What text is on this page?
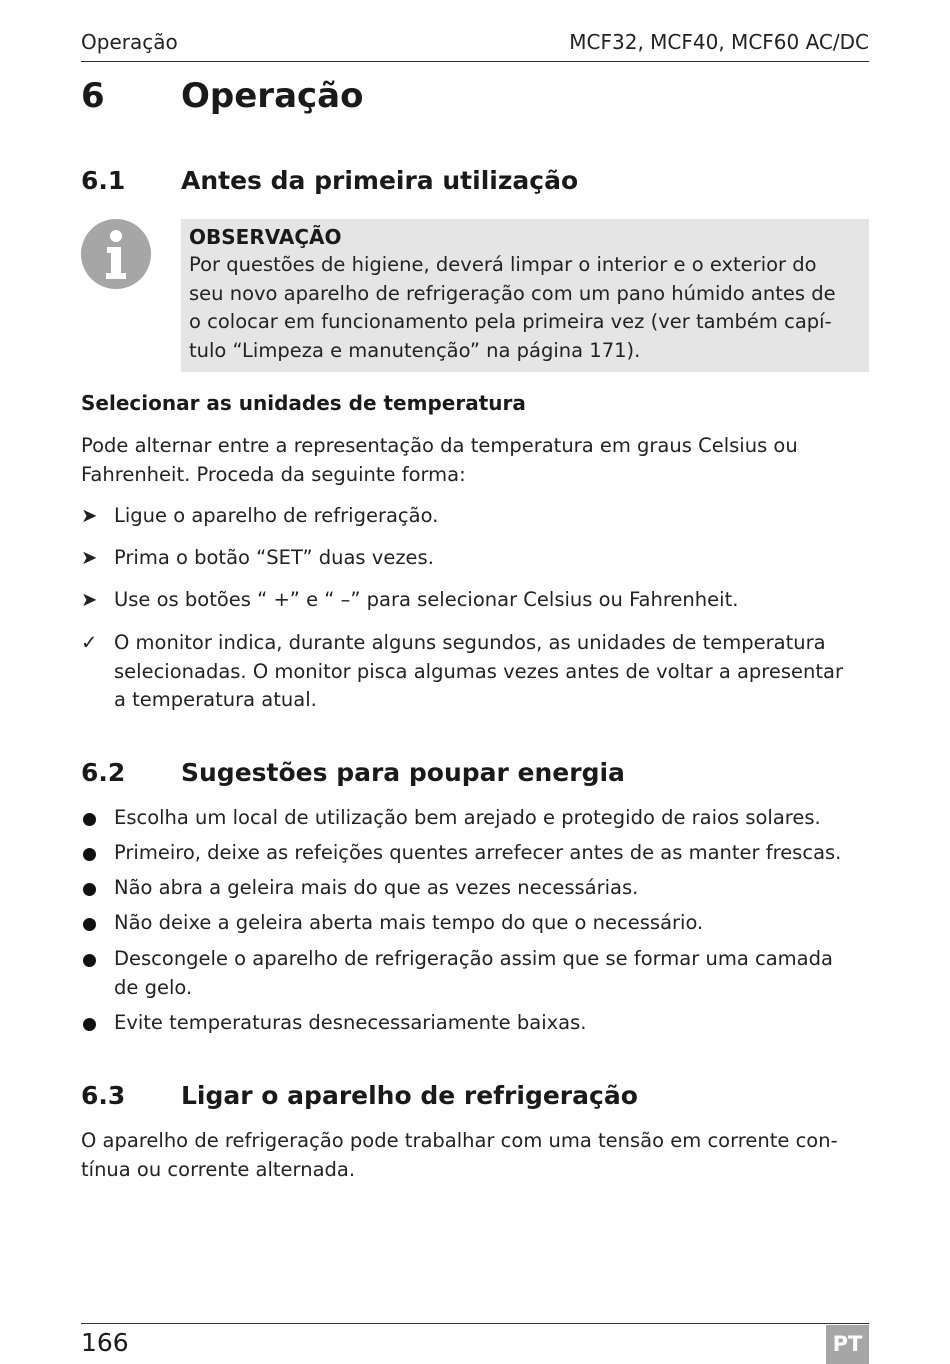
Operação	MCF32, MCF40, MCF60 AC/DC
6 Operação
6.1 Antes da primeira utilização
OBSERVAÇÃO
Por questões de higiene, deverá limpar o interior e o exterior do
seu novo aparelho de refrigeração com um pano húmido antes de
o colocar em funcionamento pela primeira vez (ver também capí-
tulo “Limpeza e manutenção” na página 171).
Selecionar as unidades de temperatura
Pode alternar entre a representação da temperatura em graus Celsius ou
Fahrenheit. Proceda da seguinte forma:
➤ Ligue o aparelho de refrigeração.
➤ Prima o botão “SET” duas vezes.
➤ Use os botões “ +” e “ –” para selecionar Celsius ou Fahrenheit.
✓ O monitor indica, durante alguns segundos, as unidades de temperatura
selecionadas. O monitor pisca algumas vezes antes de voltar a apresentar
a temperatura atual.
6.2 Sugestões para poupar energia
Escolha um local de utilização bem arejado e protegido de raios solares.
Primeiro, deixe as refeições quentes arrefecer antes de as manter frescas.
Não abra a geleira mais do que as vezes necessárias.
Não deixe a geleira aberta mais tempo do que o necessário.
Descongele o aparelho de refrigeração assim que se formar uma camada
de gelo.
Evite temperaturas desnecessariamente baixas.
6.3 Ligar o aparelho de refrigeração
O aparelho de refrigeração pode trabalhar com uma tensão em corrente con-
tínua ou corrente alternada.
166	PT
